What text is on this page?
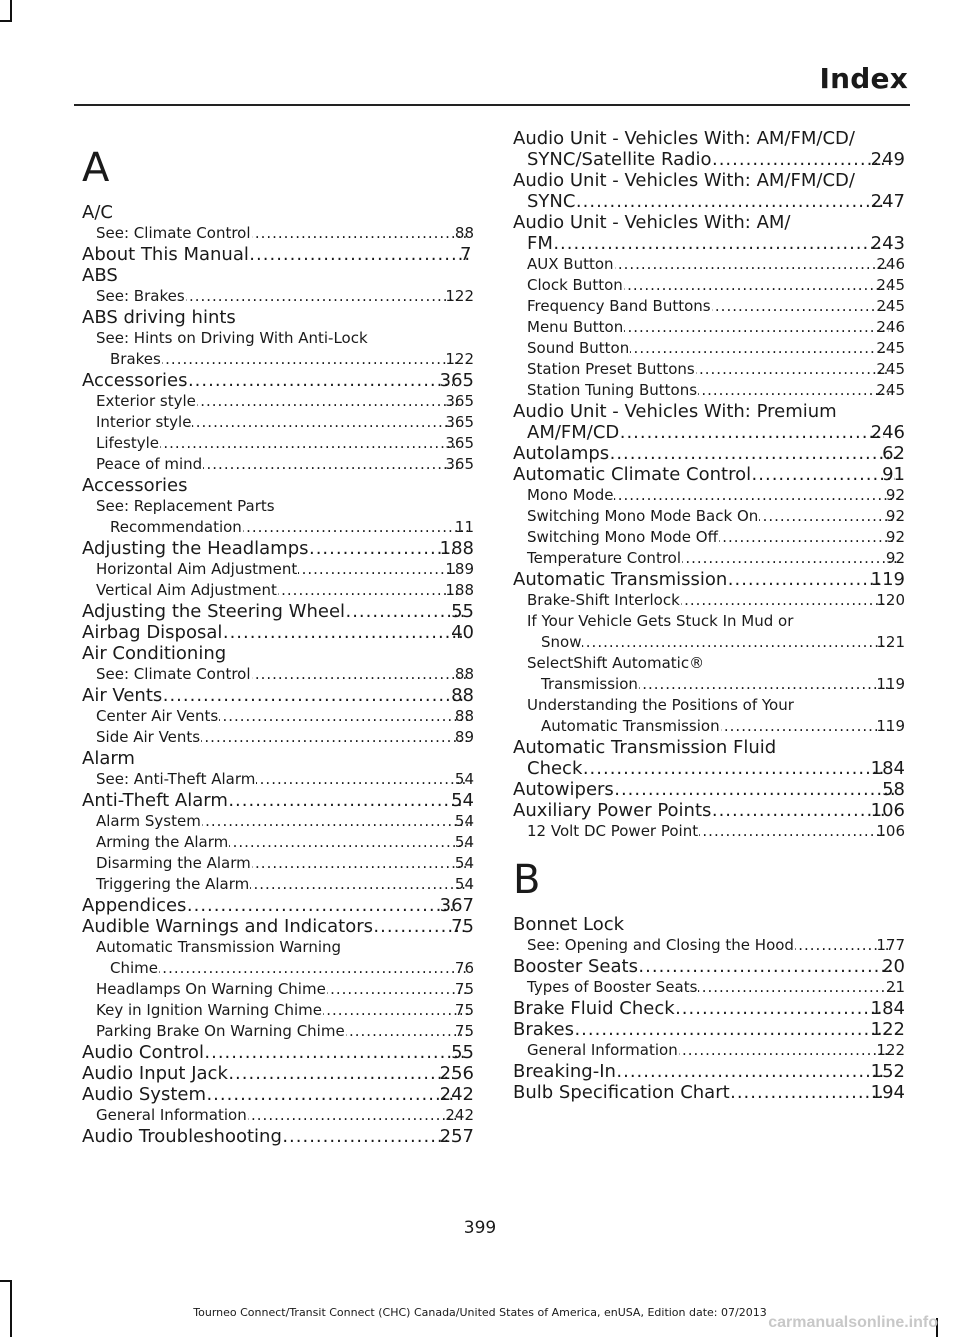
Index
A
A/C
See: Climate Control .....	88
About This Manual .....	7
ABS
See: Brakes .....	122
ABS driving hints
See: Hints on Driving With Anti-Lock
Brakes .....	122
Accessories .....	365
Exterior style .....	365
Interior style .....	365
Lifestyle .....	365
Peace of mind .....	365
Accessories
See: Replacement Parts
Recommendation .....	11
Adjusting the Headlamps .....	188
Horizontal Aim Adjustment .....	189
Vertical Aim Adjustment .....	188
Adjusting the Steering Wheel .....	55
Airbag Disposal .....	40
Air Conditioning
See: Climate Control .....	88
Air Vents .....	88
Center Air Vents .....	88
Side Air Vents .....	89
Alarm
See: Anti-Theft Alarm .....	54
Anti-Theft Alarm .....	54
Alarm System .....	54
Arming the Alarm .....	54
Disarming the Alarm .....	54
Triggering the Alarm .....	54
Appendices .....	367
Audible Warnings and Indicators .....	75
Automatic Transmission Warning
Chime .....	76
Headlamps On Warning Chime .....	75
Key in Ignition Warning Chime .....	75
Parking Brake On Warning Chime .....	75
Audio Control .....	55
Audio Input Jack .....	256
Audio System .....	242
General Information .....	242
Audio Troubleshooting .....	257
Audio Unit - Vehicles With: AM/FM/CD/
SYNC/Satellite Radio .....	249
Audio Unit - Vehicles With: AM/FM/CD/
SYNC .....	247
Audio Unit - Vehicles With: AM/
FM .....	243
AUX Button .....	246
Clock Button .....	245
Frequency Band Buttons .....	245
Menu Button .....	246
Sound Button .....	245
Station Preset Buttons .....	245
Station Tuning Buttons .....	245
Audio Unit - Vehicles With: Premium
AM/FM/CD .....	246
Autolamps .....	62
Automatic Climate Control .....	91
Mono Mode .....	92
Switching Mono Mode Back On .....	92
Switching Mono Mode Off .....	92
Temperature Control .....	92
Automatic Transmission .....	119
Brake-Shift Interlock .....	120
If Your Vehicle Gets Stuck In Mud or
Snow .....	121
SelectShift Automatic®
Transmission .....	119
Understanding the Positions of Your
Automatic Transmission .....	119
Automatic Transmission Fluid
Check .....	184
Autowipers .....	58
Auxiliary Power Points .....	106
12 Volt DC Power Point .....	106
B
Bonnet Lock
See: Opening and Closing the Hood .....	177
Booster Seats .....	20
Types of Booster Seats .....	21
Brake Fluid Check .....	184
Brakes .....	122
General Information .....	122
Breaking-In .....	152
Bulb Specification Chart .....	194
399
Tourneo Connect/Transit Connect (CHC) Canada/United States of America, enUSA, Edition date: 07/2013
carmanualsonline.info
